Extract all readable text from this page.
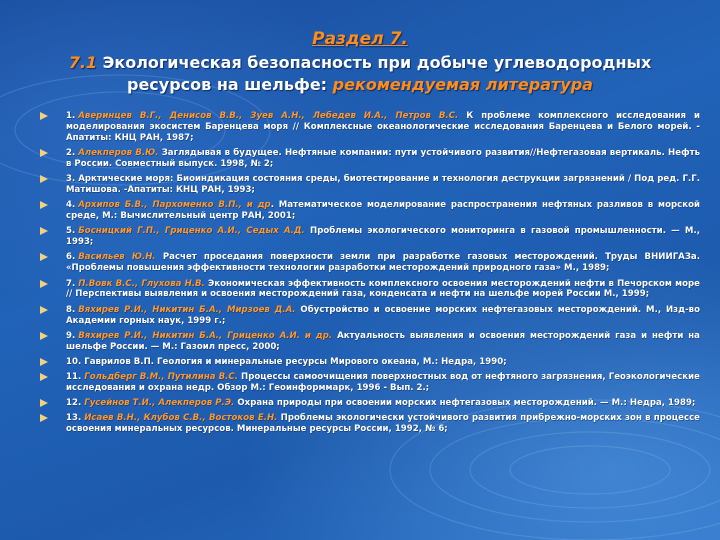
Раздел 7.
7.1 Экологическая безопасность при добыче углеводородных ресурсов на шельфе: рекомендуемая литература
1. Аверинцев В.Г., Денисов В.В., Зуев А.Н., Лебедев И.А., Петров В.С. К проблеме комплексного исследования и моделирования экосистем Баренцева моря // Комплексные океанологические исследования Баренцева и Белого морей. - Апатиты: КНЦ РАН, 1987;
2. Алекперов В.Ю. Заглядывая в будущее. Нефтяные компании: пути устойчивого развития//Нефтегазовая вертикаль. Нефть в России. Совместный выпуск. 1998, № 2;
3. Арктические моря: Биоиндикация состояния среды, биотестирование и технология деструкции загрязнений / Под ред. Г.Г. Матишова. -Апатиты: КНЦ РАН, 1993;
4. Архипов Б.В., Пархоменко В.П., и др. Математическое моделирование распространения нефтяных разливов в морской среде, М.: Вычислительный центр РАН, 2001;
5. Босницкий Г.П., Гриценко А.И., Седых А.Д. Проблемы экологического мониторинга в газовой промышленности. — М., 1993;
6. Васильев Ю.Н. Расчет проседания поверхности земли при разработке газовых месторождений. Труды ВНИИГАЗа. «Проблемы повышения эффективности технологии разработки месторождений природного газа» М., 1989;
7. П.Вовк В.С., Глухова Н.В. Экономическая эффективность комплексного освоения месторождений нефти в Печорском море // Перспективы выявления и освоения месторождений газа, конденсата и нефти на шельфе морей России М., 1999;
8. Вяхирев Р.И., Никитин Б.А., Мирзоев Д.А. Обустройство и освоение морских нефтегазовых месторождений. М., Изд-во Академии горных наук, 1999 г.;
9. Вяхирев Р.И., Никитин Б.А., Гриценко А.И. и др. Актуальность выявления и освоения месторождений газа и нефти на шельфе России. — М.: Газоил пресс, 2000;
10. Гаврилов В.П. Геология и минеральные ресурсы Мирового океана, М.: Недра, 1990;
11. Гольдберг В.М., Путилина В.С. Процессы самоочищения поверхностных вод от нефтяного загрязнения, Геоэкологические исследования и охрана недр. Обзор М.: Геоинформмарк, 1996 - Вып. 2.;
12. Гусейнов Т.И., Алекперов Р.Э. Охрана природы при освоении морских нефтегазовых месторождений. — М.: Недра, 1989;
13. Исаев В.Н., Клубов С.В., Востоков Е.Н. Проблемы экологически устойчивого развития прибрежно-морских зон в процессе освоения минеральных ресурсов. Минеральные ресурсы России, 1992, № 6;
